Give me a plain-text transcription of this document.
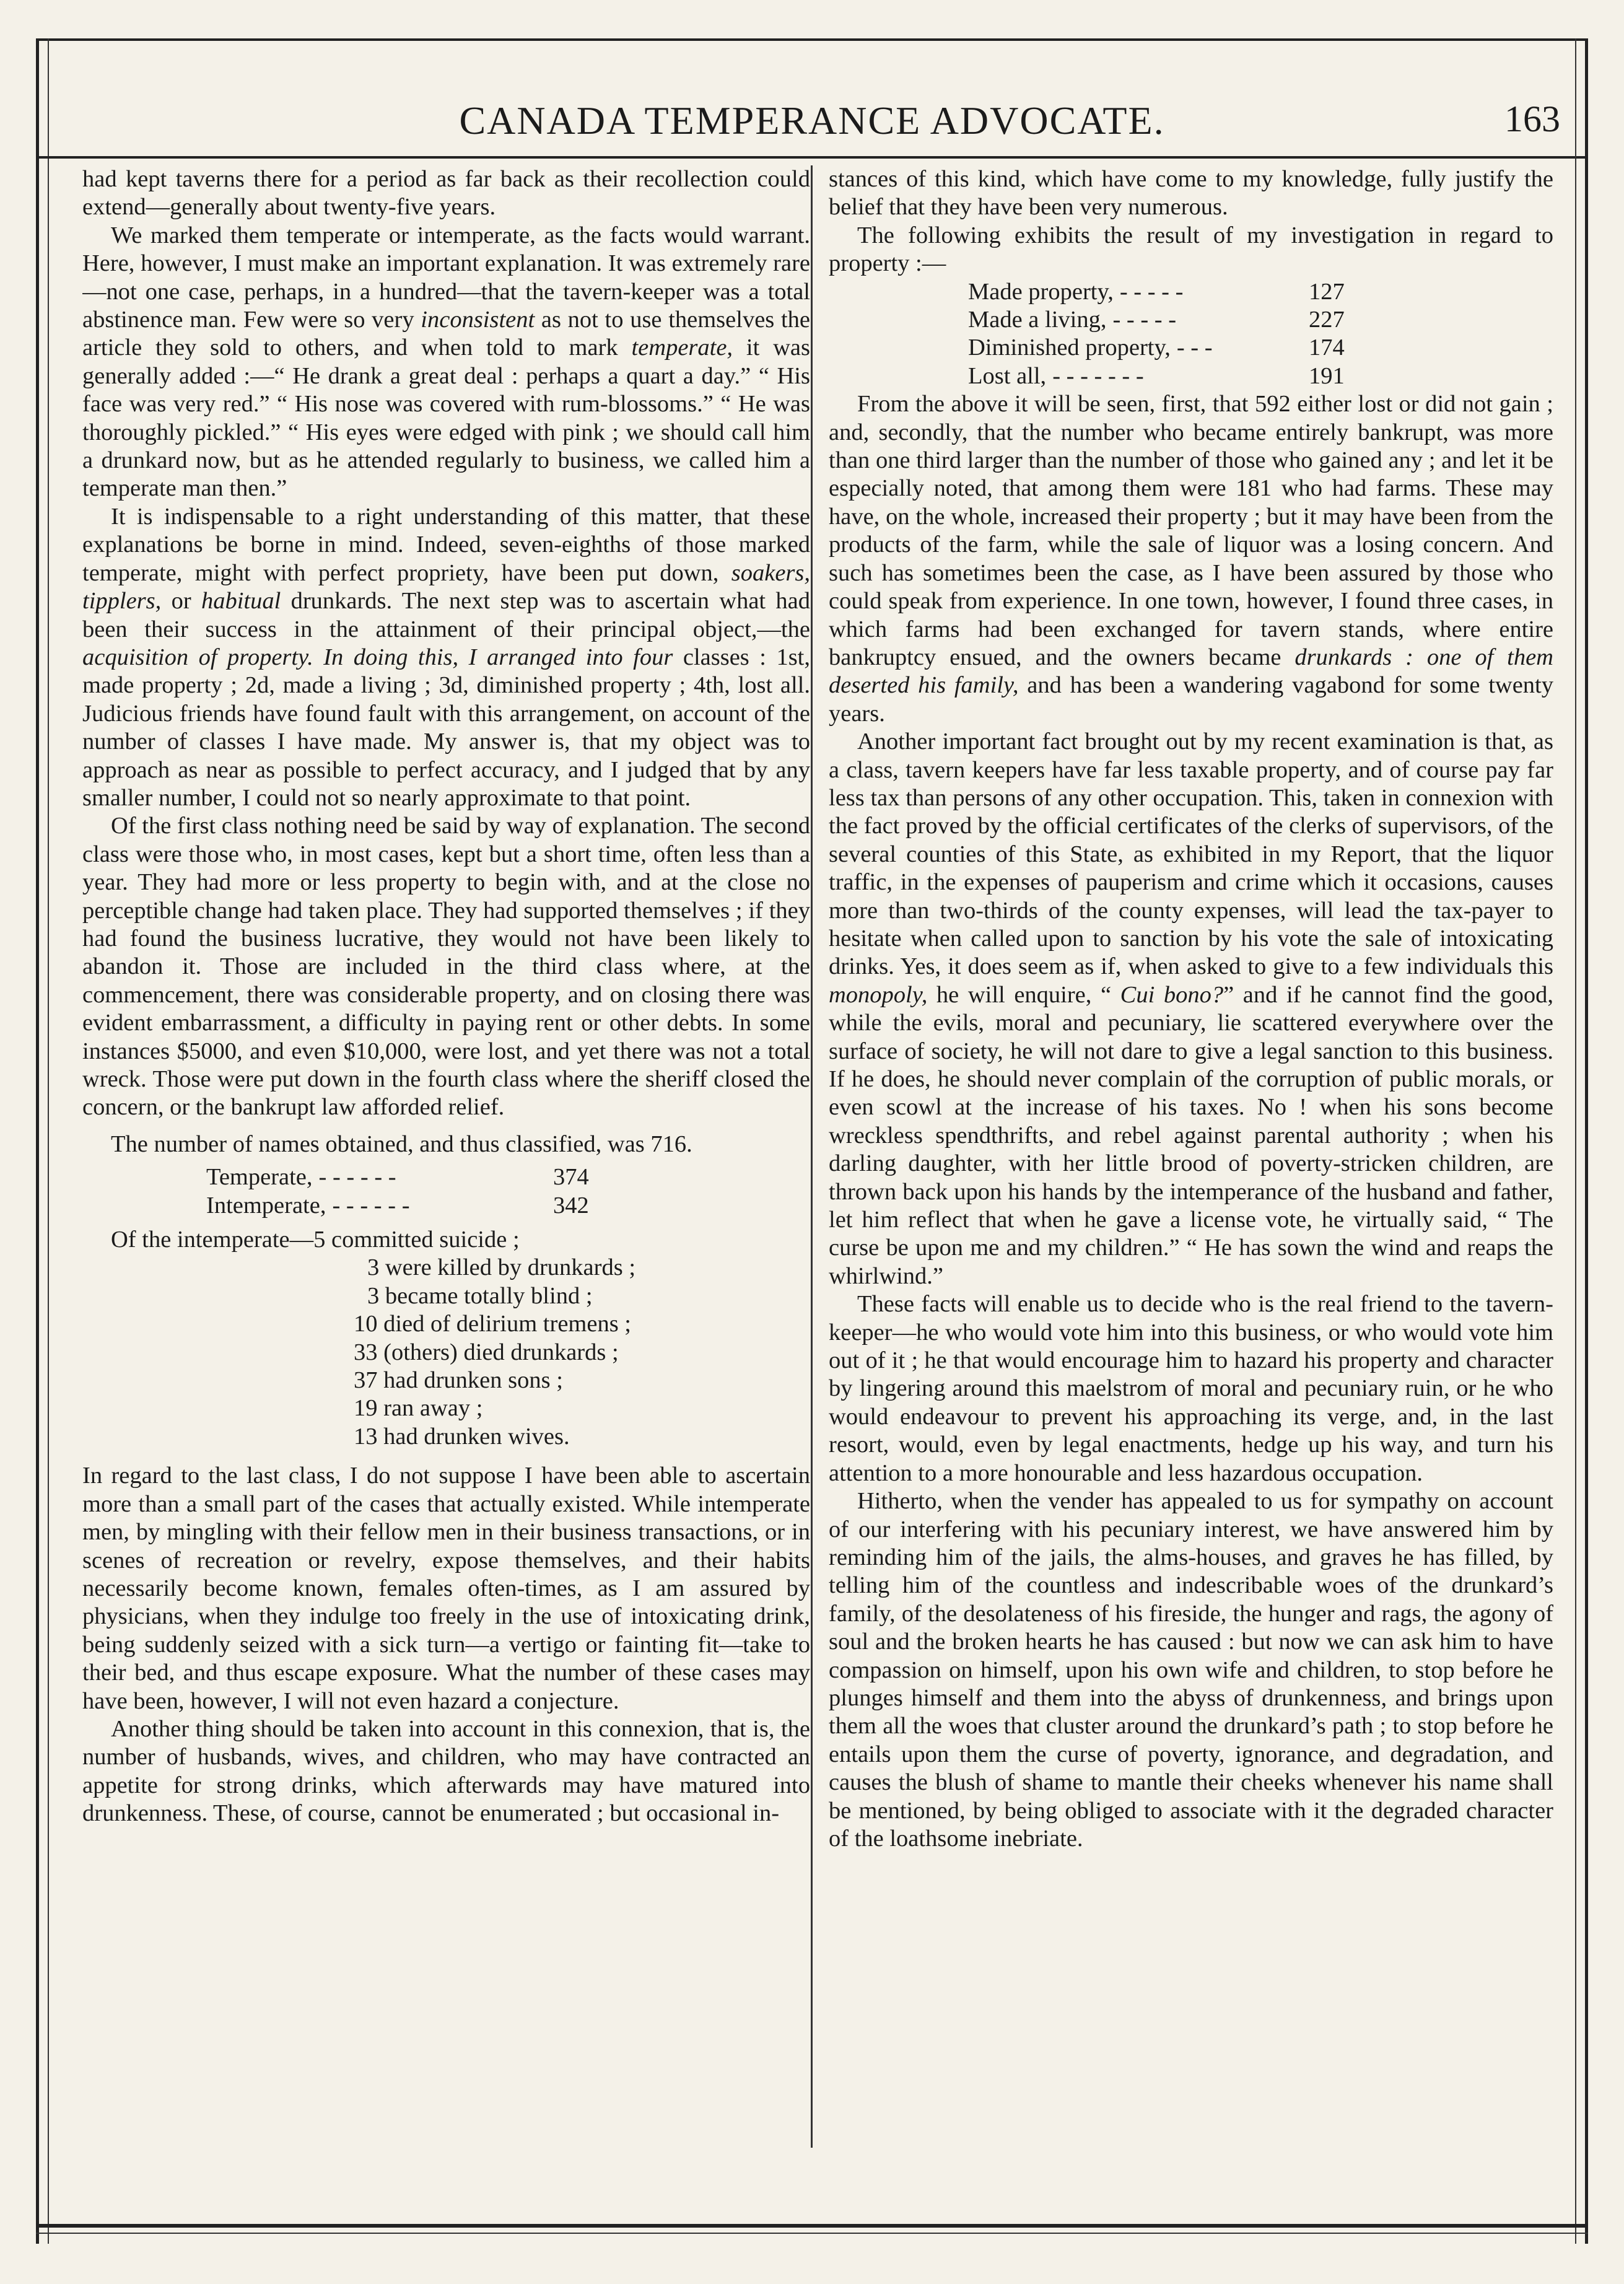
CANADA TEMPERANCE ADVOCATE.	163

had kept taverns there for a period as far back as their recollection could extend—generally about twenty-five years.

We marked them temperate or intemperate, as the facts would warrant. Here, however, I must make an important explanation. It was extremely rare—not one case, perhaps, in a hundred—that the tavern-keeper was a total abstinence man. Few were so very inconsistent as not to use themselves the article they sold to others, and when told to mark temperate, it was generally added :—“ He drank a great deal : perhaps a quart a day.” “ His face was very red.” “ His nose was covered with rum-blossoms.” “ He was thoroughly pickled.” “ His eyes were edged with pink ; we should call him a drunkard now, but as he attended regularly to business, we called him a temperate man then.”

It is indispensable to a right understanding of this matter, that these explanations be borne in mind. Indeed, seven-eighths of those marked temperate, might with perfect propriety, have been put down, soakers, tipplers, or habitual drunkards. The next step was to ascertain what had been their success in the attainment of their principal object,—the acquisition of property. In doing this, I arranged into four classes : 1st, made property ; 2d, made a living ; 3d, diminished property ; 4th, lost all. Judicious friends have found fault with this arrangement, on account of the number of classes I have made. My answer is, that my object was to approach as near as possible to perfect accuracy, and I judged that by any smaller number, I could not so nearly approximate to that point.

Of the first class nothing need be said by way of explanation. The second class were those who, in most cases, kept but a short time, often less than a year. They had more or less property to begin with, and at the close no perceptible change had taken place. They had supported themselves ; if they had found the business lucrative, they would not have been likely to abandon it. Those are included in the third class where, at the commencement, there was considerable property, and on closing there was evident embarrassment, a difficulty in paying rent or other debts. In some instances $5000, and even $10,000, were lost, and yet there was not a total wreck. Those were put down in the fourth class where the sheriff closed the concern, or the bankrupt law afforded relief.

The number of names obtained, and thus classified, was 716.

Temperate, - - - - - -	374
Intemperate, - - - - - -	342
Of the intemperate—5 committed suicide ;
3 were killed by drunkards ;
3 became totally blind ;
10 died of delirium tremens ;
33 (others) died drunkards ;
37 had drunken sons ;
19 ran away ;
13 had drunken wives.

In regard to the last class, I do not suppose I have been able to ascertain more than a small part of the cases that actually existed. While intemperate men, by mingling with their fellow men in their business transactions, or in scenes of recreation or revelry, expose themselves, and their habits necessarily become known, females often-times, as I am assured by physicians, when they indulge too freely in the use of intoxicating drink, being suddenly seized with a sick turn—a vertigo or fainting fit—take to their bed, and thus escape exposure. What the number of these cases may have been, however, I will not even hazard a conjecture.

Another thing should be taken into account in this connexion, that is, the number of husbands, wives, and children, who may have contracted an appetite for strong drinks, which afterwards may have matured into drunkenness. These, of course, cannot be enumerated ; but occasional in-

stances of this kind, which have come to my knowledge, fully justify the belief that they have been very numerous.

The following exhibits the result of my investigation in regard to property :—

Made property, - - - - -	127
Made a living, - - - - -	227
Diminished property, - - -	174
Lost all, - - - - - - -	191

From the above it will be seen, first, that 592 either lost or did not gain ; and, secondly, that the number who became entirely bankrupt, was more than one third larger than the number of those who gained any ; and let it be especially noted, that among them were 181 who had farms. These may have, on the whole, increased their property ; but it may have been from the products of the farm, while the sale of liquor was a losing concern. And such has sometimes been the case, as I have been assured by those who could speak from experience. In one town, however, I found three cases, in which farms had been exchanged for tavern stands, where entire bankruptcy ensued, and the owners became drunkards : one of them deserted his family, and has been a wandering vagabond for some twenty years.

Another important fact brought out by my recent examination is that, as a class, tavern keepers have far less taxable property, and of course pay far less tax than persons of any other occupation. This, taken in connexion with the fact proved by the official certificates of the clerks of supervisors, of the several counties of this State, as exhibited in my Report, that the liquor traffic, in the expenses of pauperism and crime which it occasions, causes more than two-thirds of the county expenses, will lead the tax-payer to hesitate when called upon to sanction by his vote the sale of intoxicating drinks. Yes, it does seem as if, when asked to give to a few individuals this monopoly, he will enquire, “ Cui bono?” and if he cannot find the good, while the evils, moral and pecuniary, lie scattered everywhere over the surface of society, he will not dare to give a legal sanction to this business. If he does, he should never complain of the corruption of public morals, or even scowl at the increase of his taxes. No ! when his sons become wreckless spendthrifts, and rebel against parental authority ; when his darling daughter, with her little brood of poverty-stricken children, are thrown back upon his hands by the intemperance of the husband and father, let him reflect that when he gave a license vote, he virtually said, “ The curse be upon me and my children.” “ He has sown the wind and reaps the whirlwind.”

These facts will enable us to decide who is the real friend to the tavern-keeper—he who would vote him into this business, or who would vote him out of it ; he that would encourage him to hazard his property and character by lingering around this maelstrom of moral and pecuniary ruin, or he who would endeavour to prevent his approaching its verge, and, in the last resort, would, even by legal enactments, hedge up his way, and turn his attention to a more honourable and less hazardous occupation.

Hitherto, when the vender has appealed to us for sympathy on account of our interfering with his pecuniary interest, we have answered him by reminding him of the jails, the alms-houses, and graves he has filled, by telling him of the countless and indescribable woes of the drunkard’s family, of the desolateness of his fireside, the hunger and rags, the agony of soul and the broken hearts he has caused : but now we can ask him to have compassion on himself, upon his own wife and children, to stop before he plunges himself and them into the abyss of drunkenness, and brings upon them all the woes that cluster around the drunkard’s path ; to stop before he entails upon them the curse of poverty, ignorance, and degradation, and causes the blush of shame to mantle their cheeks whenever his name shall be mentioned, by being obliged to associate with it the degraded character of the loathsome inebriate.
